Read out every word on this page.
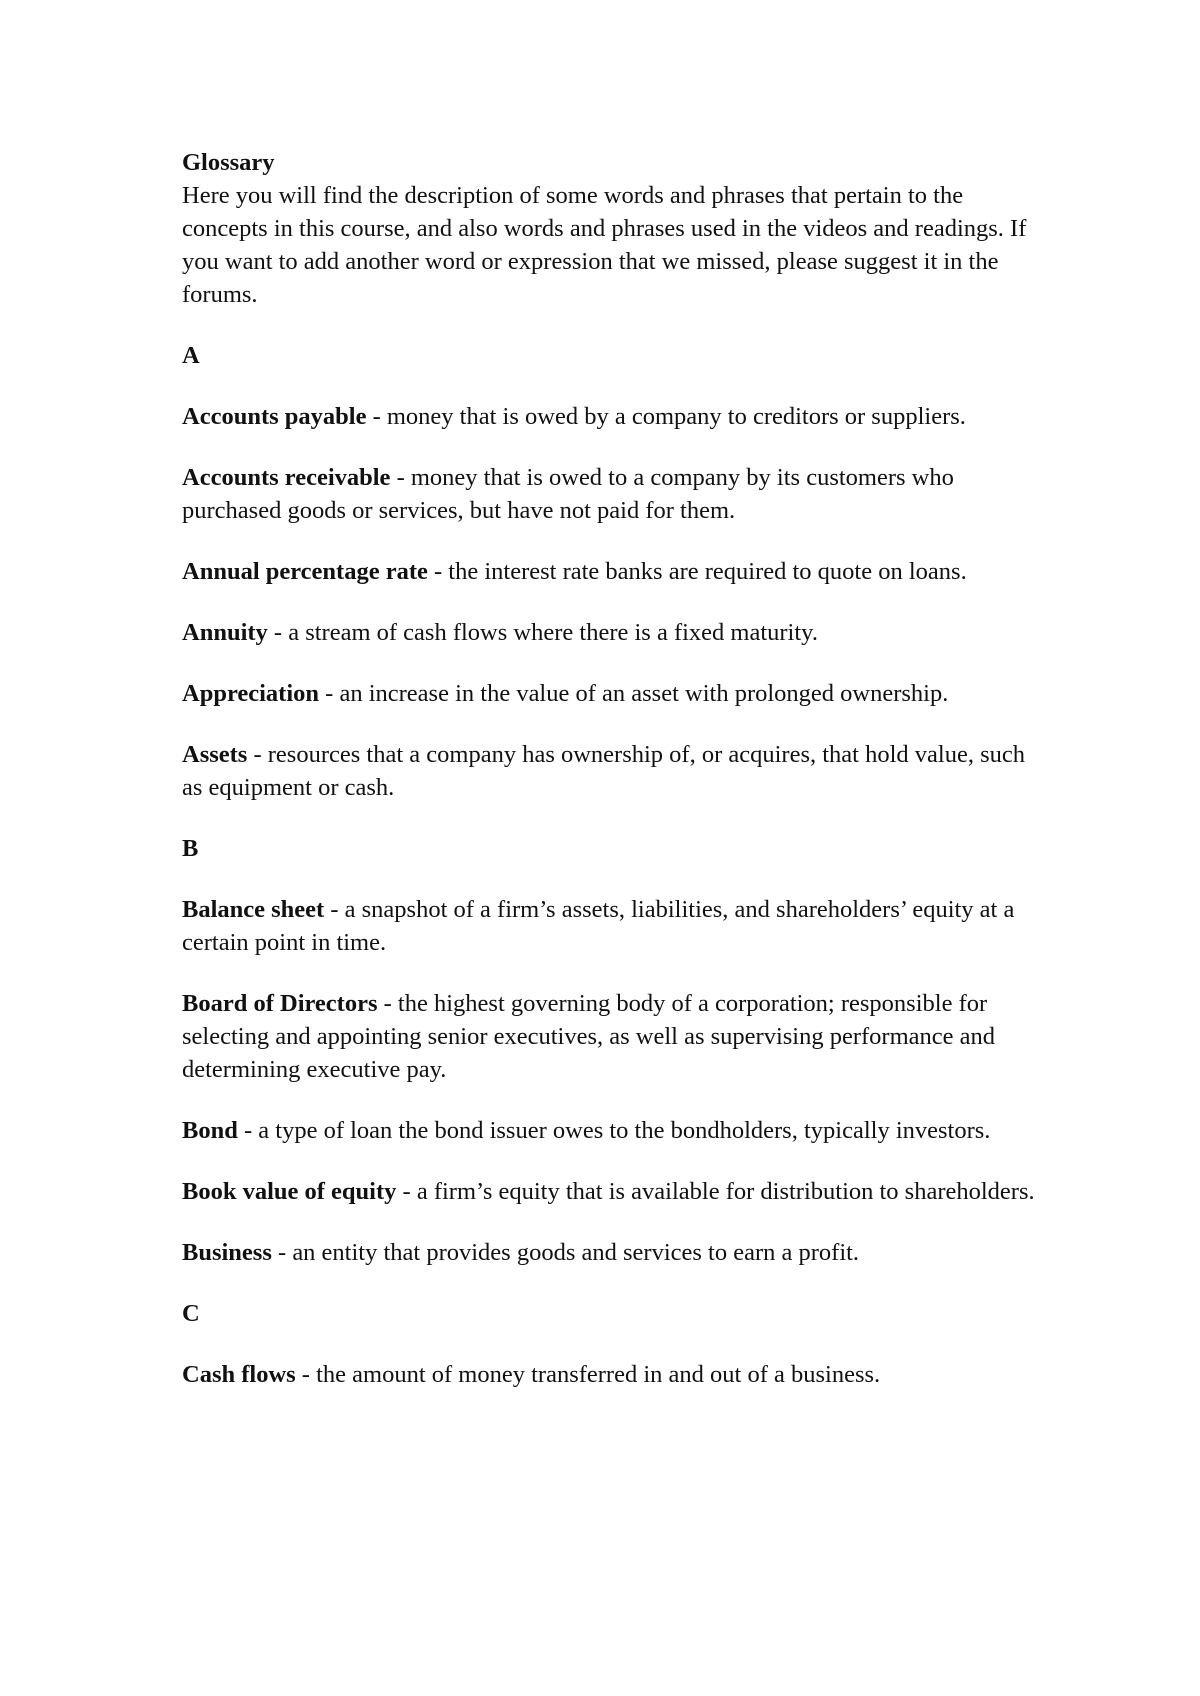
Glossary

Here you will find the description of some words and phrases that pertain to the concepts in this course, and also words and phrases used in the videos and readings. If you want to add another word or expression that we missed, please suggest it in the forums.

A

Accounts payable - money that is owed by a company to creditors or suppliers.

Accounts receivable - money that is owed to a company by its customers who purchased goods or services, but have not paid for them.

Annual percentage rate - the interest rate banks are required to quote on loans.

Annuity - a stream of cash flows where there is a fixed maturity.

Appreciation - an increase in the value of an asset with prolonged ownership.

Assets - resources that a company has ownership of, or acquires, that hold value, such as equipment or cash.

B

Balance sheet - a snapshot of a firm’s assets, liabilities, and shareholders’ equity at a certain point in time.

Board of Directors - the highest governing body of a corporation; responsible for selecting and appointing senior executives, as well as supervising performance and determining executive pay.

Bond - a type of loan the bond issuer owes to the bondholders, typically investors.

Book value of equity - a firm’s equity that is available for distribution to shareholders.

Business - an entity that provides goods and services to earn a profit.

C

Cash flows - the amount of money transferred in and out of a business.
